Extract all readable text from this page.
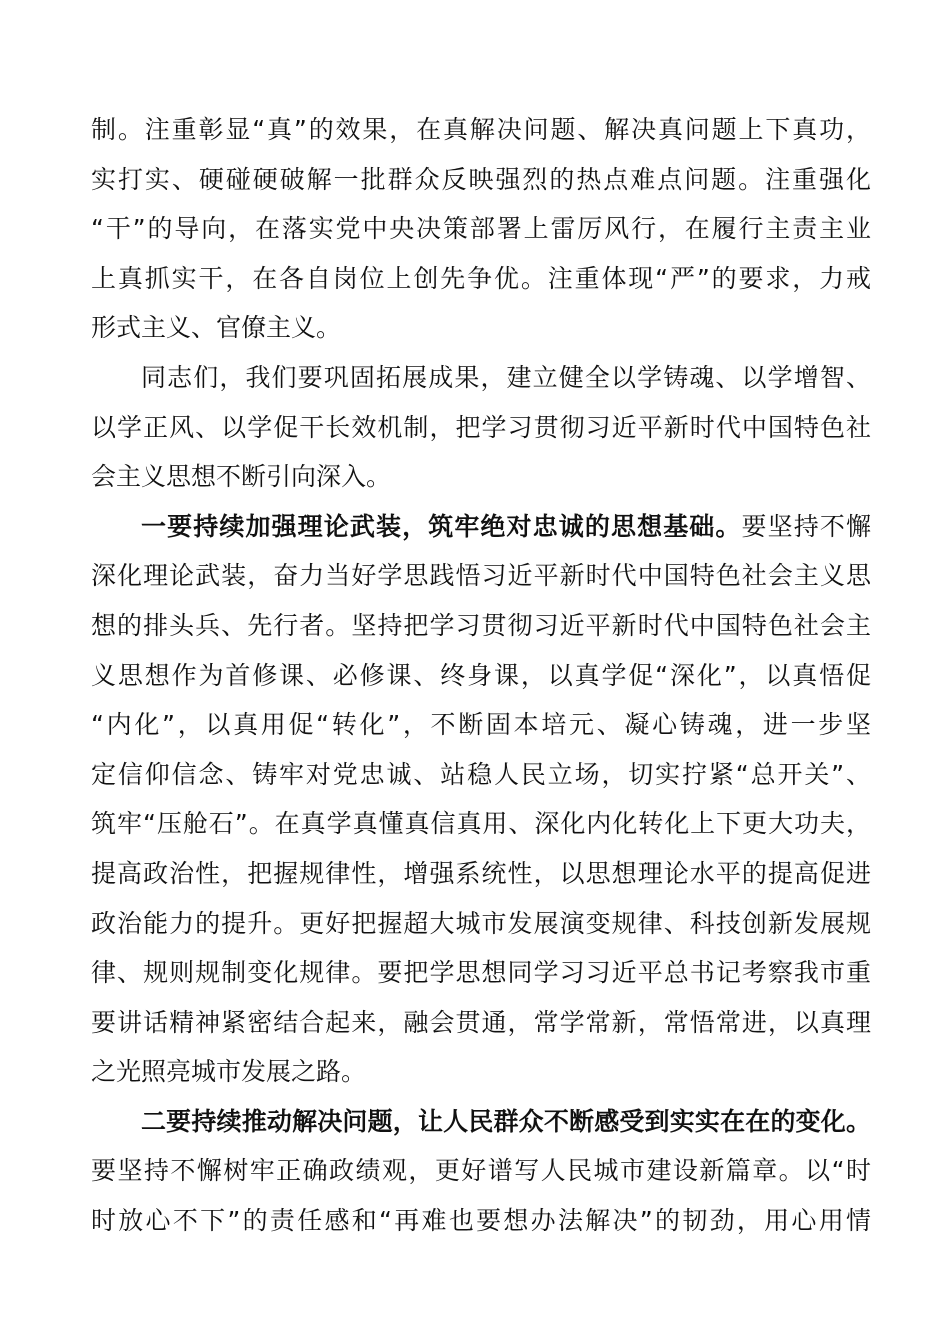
制。注重彰显“真”的效果，在真解决问题、解决真问题上下真功，
实打实、硬碰硬破解一批群众反映强烈的热点难点问题。注重强化
“干”的导向，在落实党中央决策部署上雷厉风行，在履行主责主业
上真抓实干，在各自岗位上创先争优。注重体现“严”的要求，力戒
形式主义、官僚主义。
同志们，我们要巩固拓展成果，建立健全以学铸魂、以学增智、
以学正风、以学促干长效机制，把学习贯彻习近平新时代中国特色社
会主义思想不断引向深入。
一要持续加强理论武装，筑牢绝对忠诚的思想基础。要坚持不懈
深化理论武装，奋力当好学思践悟习近平新时代中国特色社会主义思
想的排头兵、先行者。坚持把学习贯彻习近平新时代中国特色社会主
义思想作为首修课、必修课、终身课，以真学促“深化”，以真悟促
“内化”，以真用促“转化”，不断固本培元、凝心铸魂，进一步坚
定信仰信念、铸牢对党忠诚、站稳人民立场，切实拧紧“总开关”、
筑牢“压舱石”。在真学真懂真信真用、深化内化转化上下更大功夫，
提高政治性，把握规律性，增强系统性，以思想理论水平的提高促进
政治能力的提升。更好把握超大城市发展演变规律、科技创新发展规
律、规则规制变化规律。要把学思想同学习习近平总书记考察我市重
要讲话精神紧密结合起来，融会贯通，常学常新，常悟常进，以真理
之光照亮城市发展之路。
二要持续推动解决问题，让人民群众不断感受到实实在在的变化。
要坚持不懈树牢正确政绩观，更好谱写人民城市建设新篇章。以“时
时放心不下”的责任感和“再难也要想办法解决”的韧劲，用心用情
